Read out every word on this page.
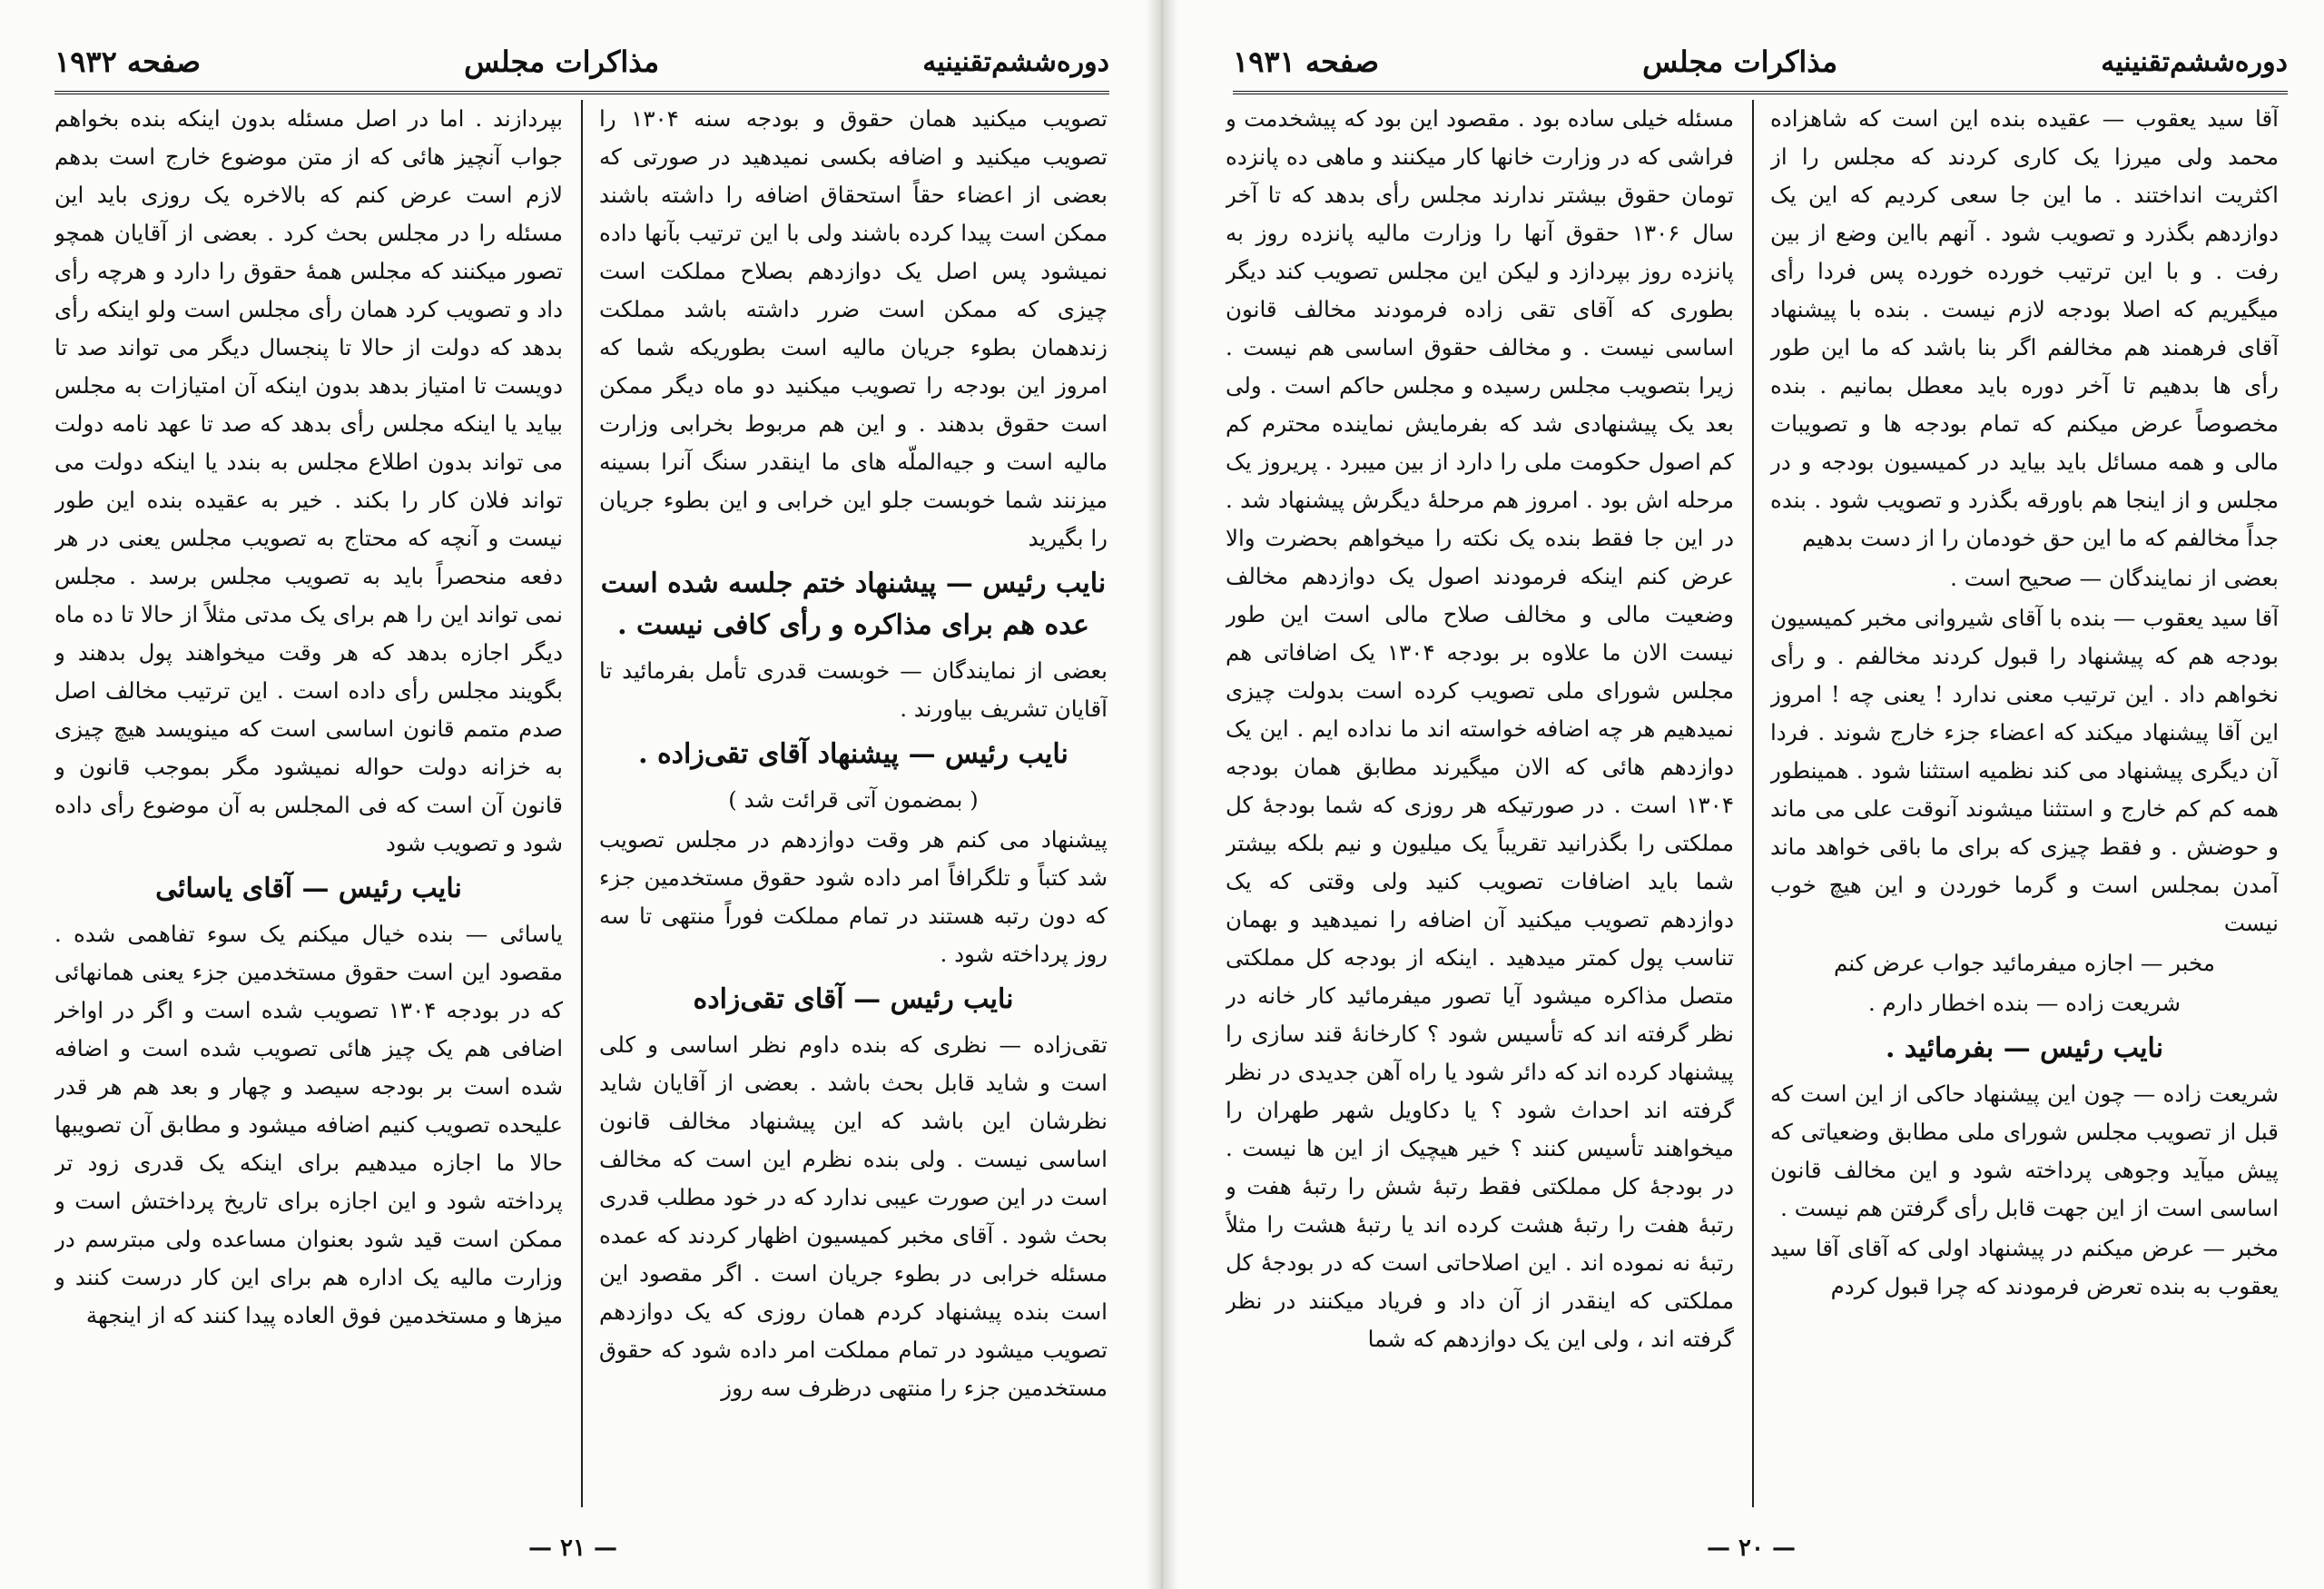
دوره‌ششم‌تقنینیه
مذاکرات مجلس
صفحه ۱۹۳۲

تصویب میکنید همان حقوق و بودجه سنه ۱۳۰۴ را تصویب میکنید و اضافه بکسی نمیدهید در صورتی که بعضی از اعضاء حقاً استحقاق اضافه را داشته باشند ممکن است پیدا کرده باشند ولی با این ترتیب بآنها داده نمیشود پس اصل یک دوازدهم بصلاح مملکت است چیزی که ممکن است ضرر داشته باشد مملکت زندهمان بطوء جریان مالیه است بطوریکه شما که امروز این بودجه را تصویب میکنید دو ماه دیگر ممکن است حقوق بدهند . و این هم مربوط بخرابی وزارت مالیه است و جیه‌الملّه های ما اینقدر سنگ آنرا بسینه میزنند شما خوبست جلو این خرابی و این بطوء جریان را بگیرید

نایب رئیس — پیشنهاد ختم جلسه شده است عده هم برای مذاکره و رأی کافی نیست .

بعضی از نمایندگان — خوبست قدری تأمل بفرمائید تا آقایان تشریف بیاورند .

نایب رئیس — پیشنهاد آقای تقی‌زاده .

( بمضمون آتی قرائت شد )

پیشنهاد می کنم هر وقت دوازدهم در مجلس تصویب شد کتباً و تلگرافاً امر داده شود حقوق مستخدمین جزء که دون رتبه هستند در تمام مملکت فوراً منتهی تا سه روز پرداخته شود .

نایب رئیس — آقای تقی‌زاده

تقی‌زاده — نظری که بنده داوم نظر اساسی و کلی است و شاید قابل بحث باشد . بعضی از آقایان شاید نظرشان این باشد که این پیشنهاد مخالف قانون اساسی نیست . ولی بنده نظرم این است که مخالف است در این صورت عیبی ندارد که در خود مطلب قدری بحث شود . آقای مخبر کمیسیون اظهار کردند که عمده مسئله خرابی در بطوء جریان است . اگر مقصود این است بنده پیشنهاد کردم همان روزی که یک دوازدهم تصویب میشود در تمام مملکت امر داده شود که حقوق مستخدمین جزء را منتهی درظرف سه روز

بپردازند . اما در اصل مسئله بدون اینکه بنده بخواهم جواب آنچیز هائی که از متن موضوع خارج است بدهم لازم است عرض کنم که بالاخره یک روزی باید این مسئله را در مجلس بحث کرد . بعضی از آقایان همچو تصور میکنند که مجلس همه‌ٔ حقوق را دارد و هرچه رأی داد و تصویب کرد همان رأی مجلس است ولو اینکه رأی بدهد که دولت از حالا تا پنجسال دیگر می تواند صد تا دویست تا امتیاز بدهد بدون اینکه آن امتیازات به مجلس بیاید یا اینکه مجلس رأی بدهد که صد تا عهد نامه دولت می تواند بدون اطلاع مجلس به بندد یا اینکه دولت می تواند فلان کار را بکند . خیر به عقیده بنده این طور نیست و آنچه که محتاج به تصویب مجلس یعنی در هر دفعه منحصراً باید به تصویب مجلس برسد . مجلس نمی تواند این را هم برای یک مدتی مثلاً از حالا تا ده ماه دیگر اجازه بدهد که هر وقت میخواهند پول بدهند و بگویند مجلس رأی داده است . این ترتیب مخالف اصل صدم متمم قانون اساسی است که مینویسد هیچ چیزی به خزانه دولت حواله نمیشود مگر بموجب قانون و قانون آن است که فی المجلس به آن موضوع رأی داده شود و تصویب شود

نایب رئیس — آقای یاسائی

یاسائی — بنده خیال میکنم یک سوء تفاهمی شده . مقصود این است حقوق مستخدمین جزء یعنی همانهائی که در بودجه ۱۳۰۴ تصویب شده است و اگر در اواخر اضافی هم یک چیز هائی تصویب شده است و اضافه شده است بر بودجه سیصد و چهار و بعد هم هر قدر علیحده تصویب کنیم اضافه میشود و مطابق آن تصویبها حالا ما اجازه میدهیم برای اینکه یک قدری زود تر پرداخته شود و این اجازه برای تاریخ پرداختش است و ممکن است قید شود بعنوان مساعده ولی مبترسم در وزارت مالیه یک اداره هم برای این کار درست کنند و میزها و مستخدمین فوق العاده پیدا کنند که از اینجهة

— ۲۱ —
دوره‌ششم‌تقنینیه
مذاکرات مجلس
صفحه ۱۹۳۱

آقا سید یعقوب — عقیده بنده این است که شاهزاده محمد ولی میرزا یک کاری کردند که مجلس را از اکثریت انداختند . ما این جا سعی کردیم که این یک دوازدهم بگذرد و تصویب شود . آنهم بااین وضع از بین رفت . و با این ترتیب خورده خورده پس فردا رأی میگیریم که اصلا بودجه لازم نیست . بنده با پیشنهاد آقای فرهمند هم مخالفم اگر بنا باشد که ما این طور رأی ها بدهیم تا آخر دوره باید معطل بمانیم . بنده مخصوصاً عرض میکنم که تمام بودجه ها و تصویبات مالی و همه مسائل باید بیاید در کمیسیون بودجه و در مجلس و از اینجا هم باورقه بگذرد و تصویب شود . بنده جداً مخالفم که ما این حق خودمان را از دست بدهیم

بعضی از نمایندگان — صحیح است .

آقا سید یعقوب — بنده با آقای شیروانی مخبر کمیسیون بودجه هم که پیشنهاد را قبول کردند مخالفم . و رأی نخواهم داد . این ترتیب معنی ندارد ! یعنی چه ! امروز این آقا پیشنهاد میکند که اعضاء جزء خارج شوند . فردا آن دیگری پیشنهاد می کند نظمیه استثنا شود . همینطور همه کم کم خارج و استثنا میشوند آنوقت علی می ماند و حوضش . و فقط چیزی که برای ما باقی خواهد ماند آمدن بمجلس است و گرما خوردن و این هیچ خوب نیست

مخبر — اجازه میفرمائید جواب عرض کنم

شریعت زاده — بنده اخطار دارم .

نایب رئیس — بفرمائید .

شریعت زاده — چون این پیشنهاد حاکی از این است که قبل از تصویب مجلس شورای ملی مطابق وضعیاتی که پیش میآید وجوهی پرداخته شود و این مخالف قانون اساسی است از این جهت قابل رأی گرفتن هم نیست .

مخبر — عرض میکنم در پیشنهاد اولی که آقای آقا سید یعقوب به بنده تعرض فرمودند که چرا قبول کردم

مسئله خیلی ساده بود . مقصود این بود که پیشخدمت و فراشی که در وزارت خانها کار میکنند و ماهی ده پانزده تومان حقوق بیشتر ندارند مجلس رأی بدهد که تا آخر سال ۱۳۰۶ حقوق آنها را وزارت مالیه پانزده روز به پانزده روز بپردازد و لیکن این مجلس تصویب کند دیگر بطوری که آقای تقی زاده فرمودند مخالف قانون اساسی نیست . و مخالف حقوق اساسی هم نیست . زیرا بتصویب مجلس رسیده و مجلس حاکم است . ولی بعد یک پیشنهادی شد که بفرمایش نماینده محترم کم کم اصول حکومت ملی را دارد از بین میبرد . پریروز یک مرحله اش بود . امروز هم مرحلهٔ دیگرش پیشنهاد شد . در این جا فقط بنده یک نکته را میخواهم بحضرت والا عرض کنم اینکه فرمودند اصول یک دوازدهم مخالف وضعیت مالی و مخالف صلاح مالی است این طور نیست الان ما علاوه بر بودجه ۱۳۰۴ یک اضافاتی هم مجلس شورای ملی تصویب کرده است بدولت چیزی نمیدهیم هر چه اضافه خواسته اند ما نداده ایم . این یک دوازدهم هائی که الان میگیرند مطابق همان بودجه ۱۳۰۴ است . در صورتیکه هر روزی که شما بودجهٔ کل مملکتی را بگذرانید تقریباً یک میلیون و نیم بلکه بیشتر شما باید اضافات تصویب کنید ولی وقتی که یک دوازدهم تصویب میکنید آن اضافه را نمیدهید و بهمان تناسب پول کمتر میدهید . اینکه از بودجه کل مملکتی متصل مذاکره میشود آیا تصور میفرمائید کار خانه در نظر گرفته اند که تأسیس شود ؟ کارخانهٔ قند سازی را پیشنهاد کرده اند که دائر شود یا راه آهن جدیدی در نظر گرفته اند احداث شود ؟ یا دکاویل شهر طهران را میخواهند تأسیس کنند ؟ خیر هیچیک از این ها نیست . در بودجهٔ کل مملکتی فقط رتبهٔ شش را رتبهٔ هفت و رتبهٔ هفت را رتبهٔ هشت کرده اند یا رتبهٔ هشت را مثلاً رتبهٔ نه نموده اند . این اصلاحاتی است که در بودجهٔ کل مملکتی که اینقدر از آن داد و فریاد میکنند در نظر گرفته اند ، ولی این یک دوازدهم که شما

— ۲۰ —
